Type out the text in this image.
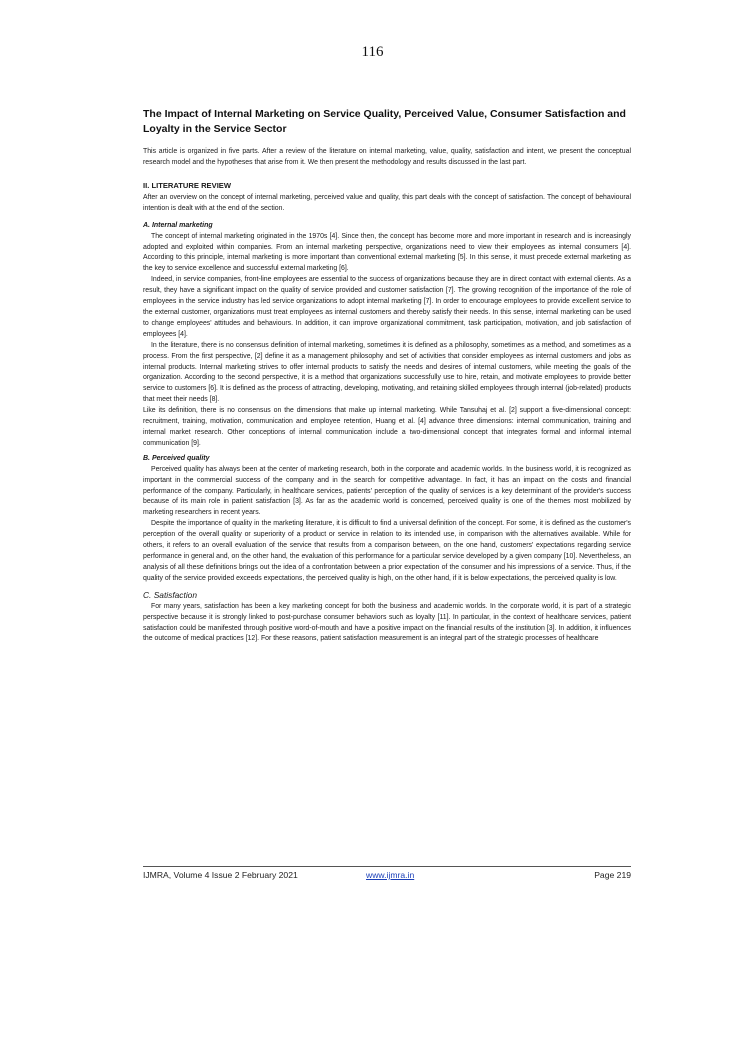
116
The Impact of Internal Marketing on Service Quality, Perceived Value, Consumer Satisfaction and Loyalty in the Service Sector

This article is organized in five parts. After a review of the literature on internal marketing, value, quality, satisfaction and intent, we present the conceptual research model and the hypotheses that arise from it. We then present the methodology and results discussed in the last part.

II. LITERATURE REVIEW

After an overview on the concept of internal marketing, perceived value and quality, this part deals with the concept of satisfaction. The concept of behavioural intention is dealt with at the end of the section.

A. Internal marketing

The concept of internal marketing originated in the 1970s [4]. Since then, the concept has become more and more important in research and is increasingly adopted and exploited within companies. From an internal marketing perspective, organizations need to view their employees as internal consumers [4]. According to this principle, internal marketing is more important than conventional external marketing [5]. In this sense, it must precede external marketing as the key to service excellence and successful external marketing [6].

Indeed, in service companies, front-line employees are essential to the success of organizations because they are in direct contact with external clients. As a result, they have a significant impact on the quality of service provided and customer satisfaction [7]. The growing recognition of the importance of the role of employees in the service industry has led service organizations to adopt internal marketing [7]. In order to encourage employees to provide excellent service to the external customer, organizations must treat employees as internal customers and thereby satisfy their needs. In this sense, internal marketing can be used to change employees' attitudes and behaviours. In addition, it can improve organizational commitment, task participation, motivation, and job satisfaction of employees [4].

In the literature, there is no consensus definition of internal marketing, sometimes it is defined as a philosophy, sometimes as a method, and sometimes as a process. From the first perspective, [2] define it as a management philosophy and set of activities that consider employees as internal customers and jobs as internal products. Internal marketing strives to offer internal products to satisfy the needs and desires of internal customers, while meeting the goals of the organization. According to the second perspective, it is a method that organizations successfully use to hire, retain, and motivate employees to provide better service to customers [6]. It is defined as the process of attracting, developing, motivating, and retaining skilled employees through internal (job-related) products that meet their needs [8].

Like its definition, there is no consensus on the dimensions that make up internal marketing. While Tansuhaj et al. [2] support a five-dimensional concept: recruitment, training, motivation, communication and employee retention, Huang et al. [4] advance three dimensions: internal communication, training and internal market research. Other conceptions of internal communication include a two-dimensional concept that integrates formal and informal internal communication [9].

B. Perceived quality

Perceived quality has always been at the center of marketing research, both in the corporate and academic worlds. In the business world, it is recognized as important in the commercial success of the company and in the search for competitive advantage. In fact, it has an impact on the costs and financial performance of the company. Particularly, in healthcare services, patients' perception of the quality of services is a key determinant of the provider's success because of its main role in patient satisfaction [3]. As far as the academic world is concerned, perceived quality is one of the themes most mobilized by marketing researchers in recent years.

Despite the importance of quality in the marketing literature, it is difficult to find a universal definition of the concept. For some, it is defined as the customer's perception of the overall quality or superiority of a product or service in relation to its intended use, in comparison with the alternatives available. While for others, it refers to an overall evaluation of the service that results from a comparison between, on the one hand, customers' expectations regarding service performance in general and, on the other hand, the evaluation of this performance for a particular service developed by a given company [10]. Nevertheless, an analysis of all these definitions brings out the idea of a confrontation between a prior expectation of the consumer and his impressions of a service. Thus, if the quality of the service provided exceeds expectations, the perceived quality is high, on the other hand, if it is below expectations, the perceived quality is low.

C. Satisfaction

For many years, satisfaction has been a key marketing concept for both the business and academic worlds. In the corporate world, it is part of a strategic perspective because it is strongly linked to post-purchase consumer behaviors such as loyalty [11]. In particular, in the context of healthcare services, patient satisfaction could be manifested through positive word-of-mouth and have a positive impact on the financial results of the institution [3]. In addition, it influences the outcome of medical practices [12]. For these reasons, patient satisfaction measurement is an integral part of the strategic processes of healthcare

IJMRA, Volume 4 Issue 2 February 2021	www.ijmra.in	Page 219
